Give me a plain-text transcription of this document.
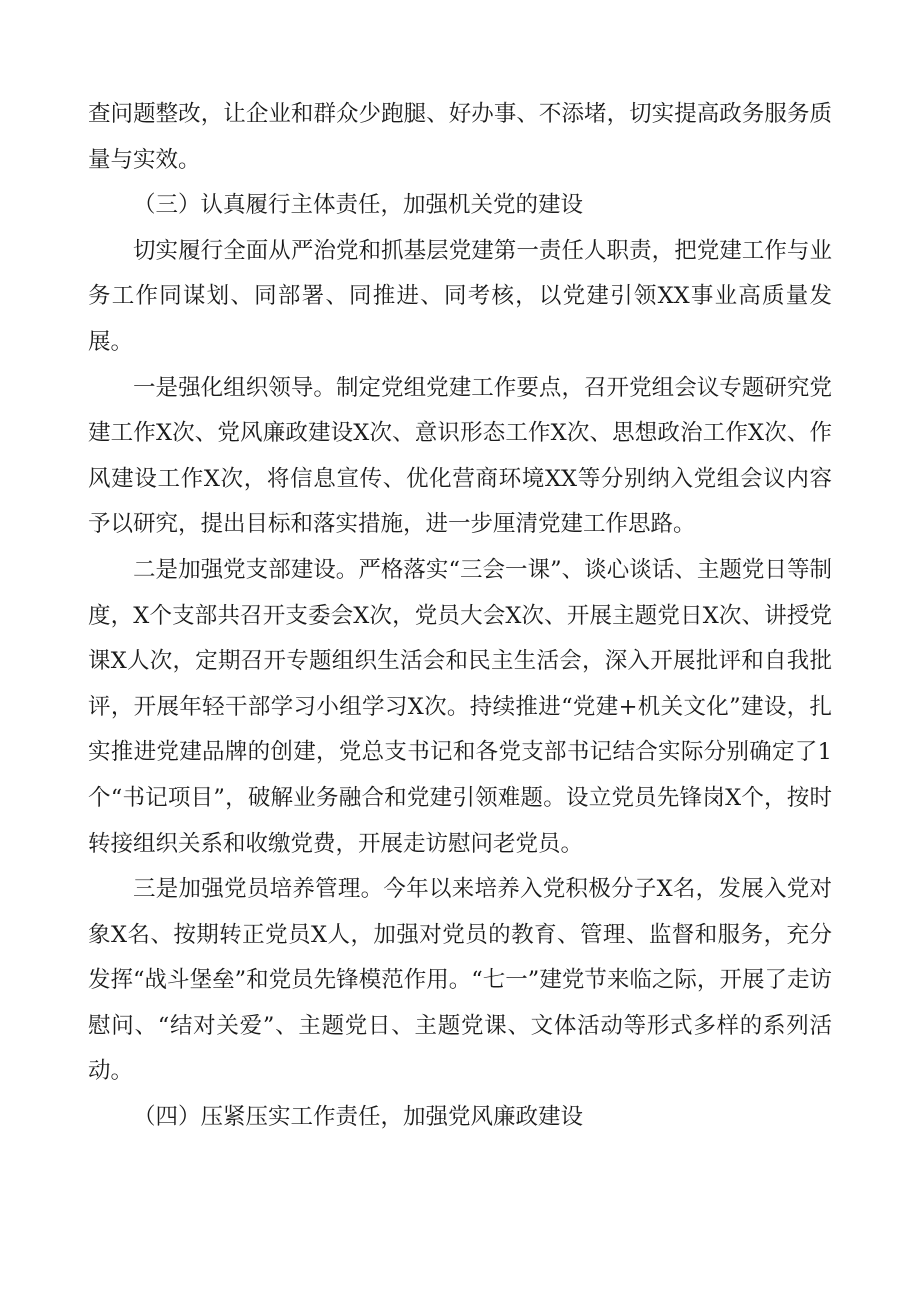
查问题整改，让企业和群众少跑腿、好办事、不添堵，切实提高政务服务质量与实效。

（三）认真履行主体责任，加强机关党的建设

切实履行全面从严治党和抓基层党建第一责任人职责，把党建工作与业务工作同谋划、同部署、同推进、同考核，以党建引领XX事业高质量发展。

一是强化组织领导。制定党组党建工作要点，召开党组会议专题研究党建工作X次、党风廉政建设X次、意识形态工作X次、思想政治工作X次、作风建设工作X次，将信息宣传、优化营商环境XX等分别纳入党组会议内容予以研究，提出目标和落实措施，进一步厘清党建工作思路。

二是加强党支部建设。严格落实“三会一课”、谈心谈话、主题党日等制度，X个支部共召开支委会X次，党员大会X次、开展主题党日X次、讲授党课X人次，定期召开专题组织生活会和民主生活会，深入开展批评和自我批评，开展年轻干部学习小组学习X次。持续推进“党建+机关文化”建设，扎实推进党建品牌的创建，党总支书记和各党支部书记结合实际分别确定了1个“书记项目”，破解业务融合和党建引领难题。设立党员先锋岗X个，按时转接组织关系和收缴党费，开展走访慰问老党员。

三是加强党员培养管理。今年以来培养入党积极分子X名，发展入党对象X名、按期转正党员X人，加强对党员的教育、管理、监督和服务，充分发挥“战斗堡垒”和党员先锋模范作用。“七一”建党节来临之际，开展了走访慰问、“结对关爱”、主题党日、主题党课、文体活动等形式多样的系列活动。

（四）压紧压实工作责任，加强党风廉政建设
